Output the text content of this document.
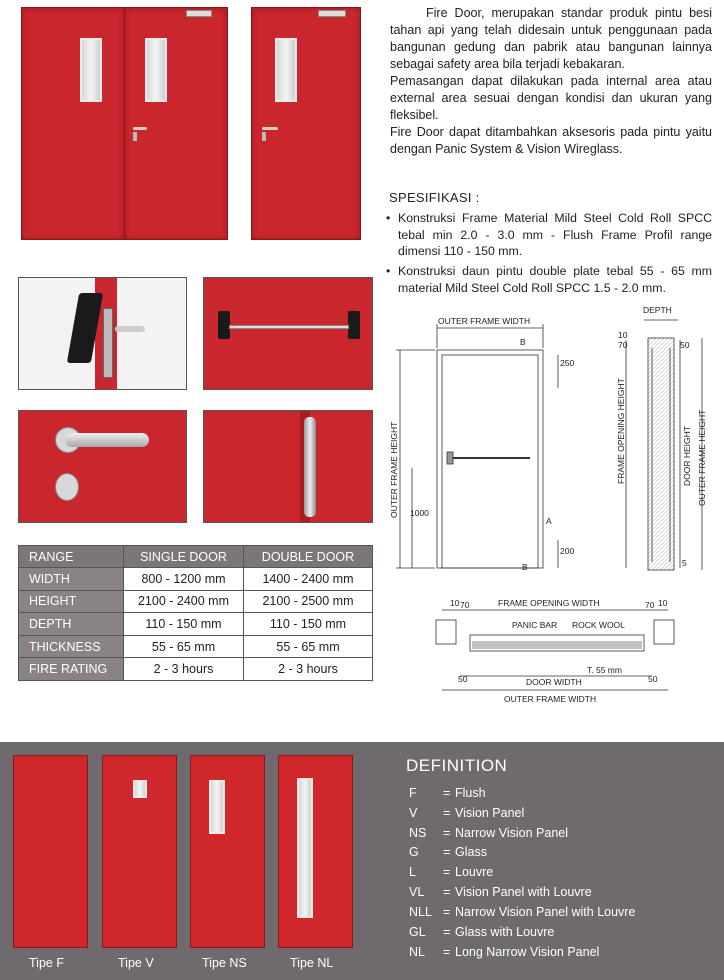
Fire Door, merupakan standar produk pintu besi tahan api yang telah didesain untuk penggunaan pada bangunan gedung dan pabrik atau bangunan lainnya sebagai safety area bila terjadi kebakaran.

Pemasangan dapat dilakukan pada internal area atau external area sesuai dengan kondisi dan ukuran yang fleksibel.

Fire Door dapat ditambahkan aksesoris pada pintu yaitu dengan Panic System & Vision Wireglass.

SPESIFIKASI :
• Konstruksi Frame Material Mild Steel Cold Roll SPCC tebal min 2.0 - 3.0 mm - Flush Frame Profil range dimensi 110 - 150 mm.
• Konstruksi daun pintu double plate tebal 55 - 65 mm material Mild Steel Cold Roll SPCC 1.5 - 2.0 mm.
RANGE	SINGLE DOOR	DOUBLE DOOR
WIDTH	800 - 1200 mm	1400 - 2400 mm
HEIGHT	2100 - 2400 mm	2100 - 2500 mm
DEPTH	110 - 150 mm	110 - 150 mm
THICKNESS	55 - 65 mm	55 - 65 mm
FIRE RATING	2 - 3 hours	2 - 3 hours
OUTER FRAME WIDTH
B
250
1000
A
200
B
OUTER FRAME HEIGHT	FRAME OPENING HEIGHT	DOOR HEIGHT OUTER FRAME HEIGHT
DEPTH
10
70	50
5
10 70	FRAME OPENING WIDTH	70 10
PANIC BAR ROCK WOOL
T. 55 mm
50	DOOR WIDTH	50
OUTER FRAME WIDTH
Tipe F	Tipe V	Tipe NS	Tipe NL
DEFINITION
F = Flush
V = Vision Panel
NS = Narrow Vision Panel
G = Glass
L = Louvre
VL = Vision Panel with Louvre
NLL = Narrow Vision Panel with Louvre
GL = Glass with Louvre
NL = Long Narrow Vision Panel
